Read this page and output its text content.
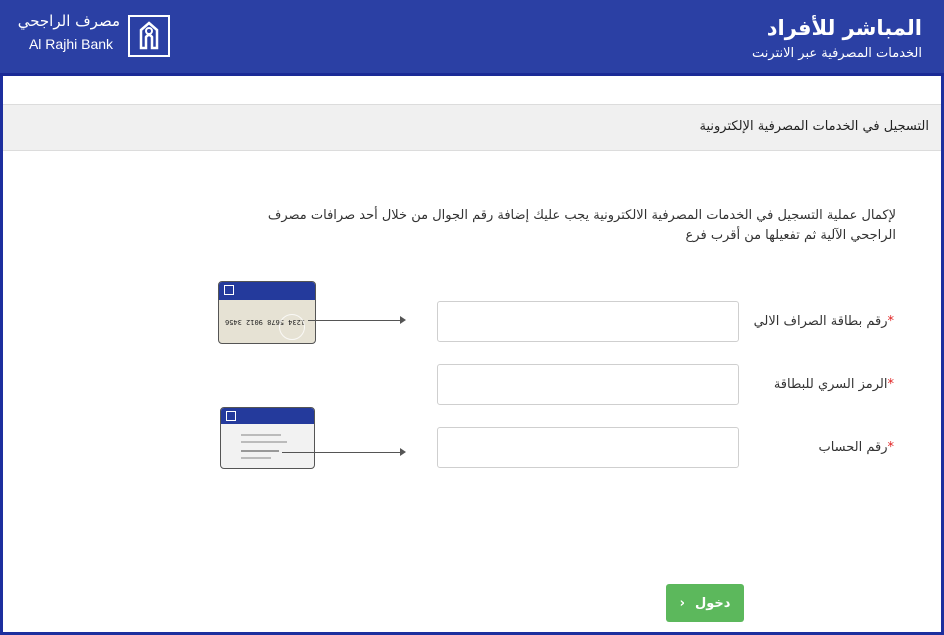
المباشر للأفراد
الخدمات المصرفية عبر الانترنت
مصرف الراجحي
Al Rajhi Bank
التسجيل في الخدمات المصرفية الإلكترونية
لإكمال عملية التسجيل في الخدمات المصرفية الالكترونية يجب عليك إضافة رقم الجوال من خلال أحد صرافات مصرف الراجحي الآلية ثم تفعيلها من أقرب فرع
*رقم بطاقة الصراف الالي
*الرمز السري للبطاقة
*رقم الحساب
1234 5678 9012 3456
› دخول
